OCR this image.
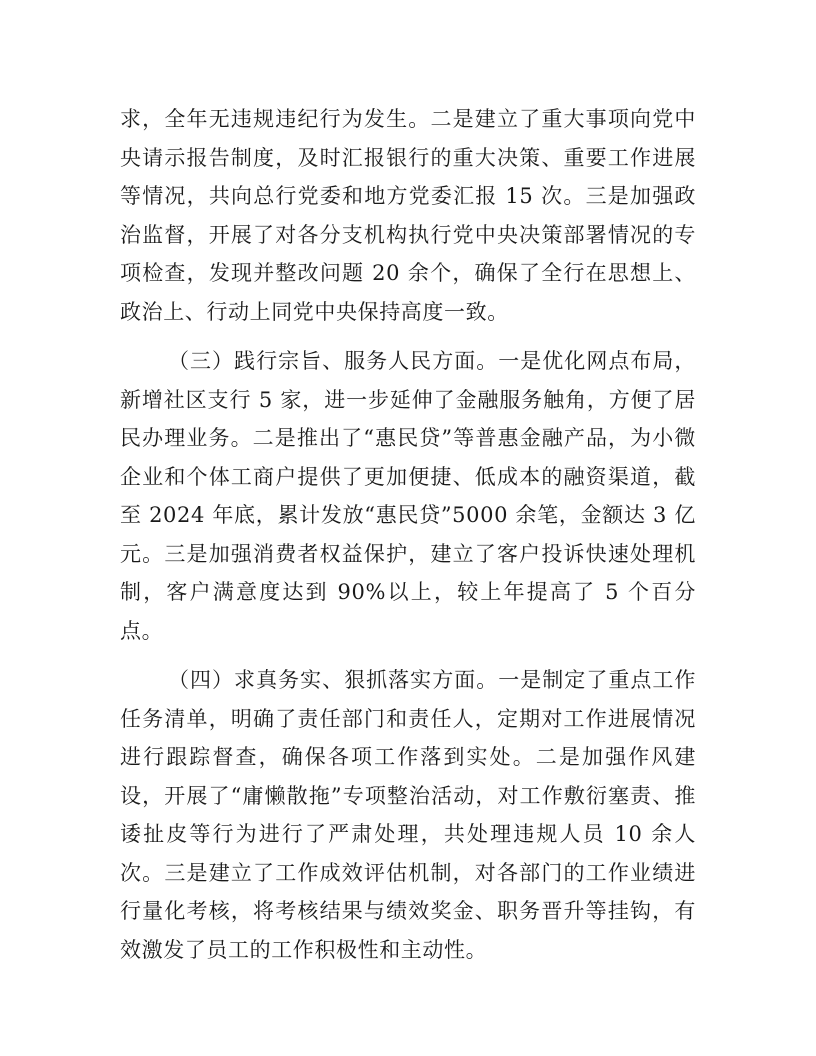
求，全年无违规违纪行为发生。二是建立了重大事项向党中央请示报告制度，及时汇报银行的重大决策、重要工作进展等情况，共向总行党委和地方党委汇报 15 次。三是加强政治监督，开展了对各分支机构执行党中央决策部署情况的专项检查，发现并整改问题 20 余个，确保了全行在思想上、政治上、行动上同党中央保持高度一致。

（三）践行宗旨、服务人民方面。一是优化网点布局，新增社区支行 5 家，进一步延伸了金融服务触角，方便了居民办理业务。二是推出了“惠民贷”等普惠金融产品，为小微企业和个体工商户提供了更加便捷、低成本的融资渠道，截至 2024 年底，累计发放“惠民贷”5000 余笔，金额达 3 亿元。三是加强消费者权益保护，建立了客户投诉快速处理机制，客户满意度达到 90%以上，较上年提高了 5 个百分点。

（四）求真务实、狠抓落实方面。一是制定了重点工作任务清单，明确了责任部门和责任人，定期对工作进展情况进行跟踪督查，确保各项工作落到实处。二是加强作风建设，开展了“庸懒散拖”专项整治活动，对工作敷衍塞责、推诿扯皮等行为进行了严肃处理，共处理违规人员 10 余人次。三是建立了工作成效评估机制，对各部门的工作业绩进行量化考核，将考核结果与绩效奖金、职务晋升等挂钩，有效激发了员工的工作积极性和主动性。
